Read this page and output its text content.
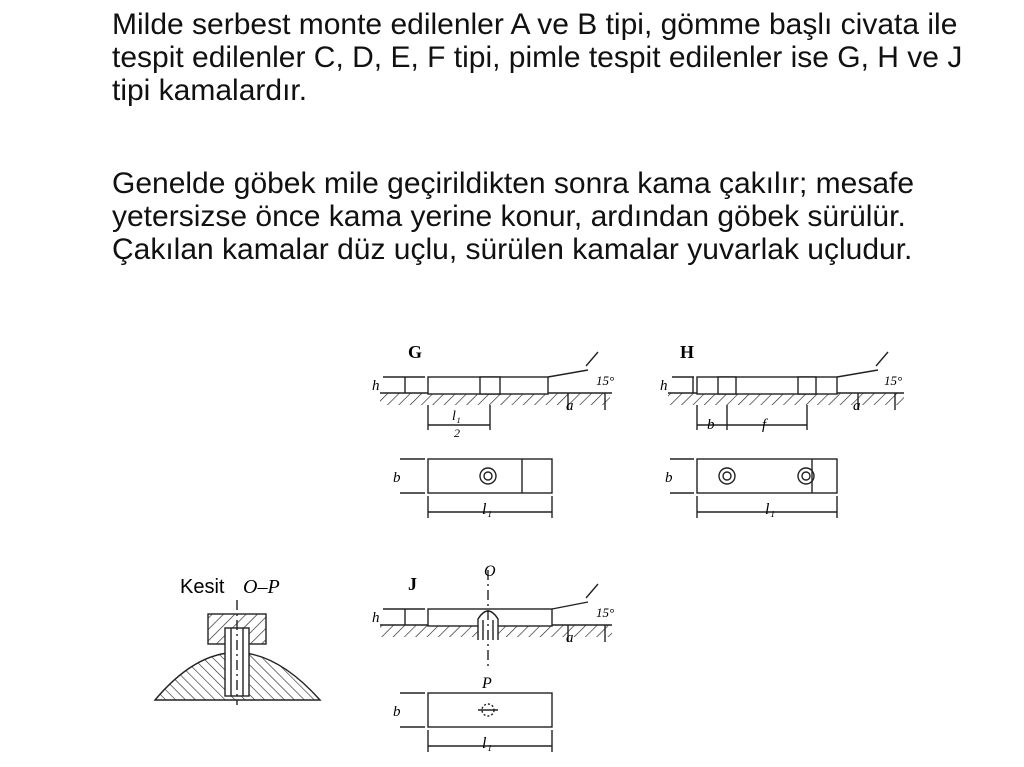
Milde serbest monte edilenler A ve B tipi, gömme başlı civata ile tespit edilenler C, D, E, F tipi, pimle tespit edilenler ise G, H ve J tipi kamalardır.

Genelde göbek mile geçirildikten sonra kama çakılır; mesafe yetersizse önce kama yerine konur, ardından göbek sürülür. Çakılan kamalar düz uçlu, sürülen kamalar yuvarlak uçludur.

G
h
a
15°
l₁
2
b
l₁
H
h
a
15°
b	f
b
l₁
J
O
P
h
a
15°
b
l₁
Kesit O–P
